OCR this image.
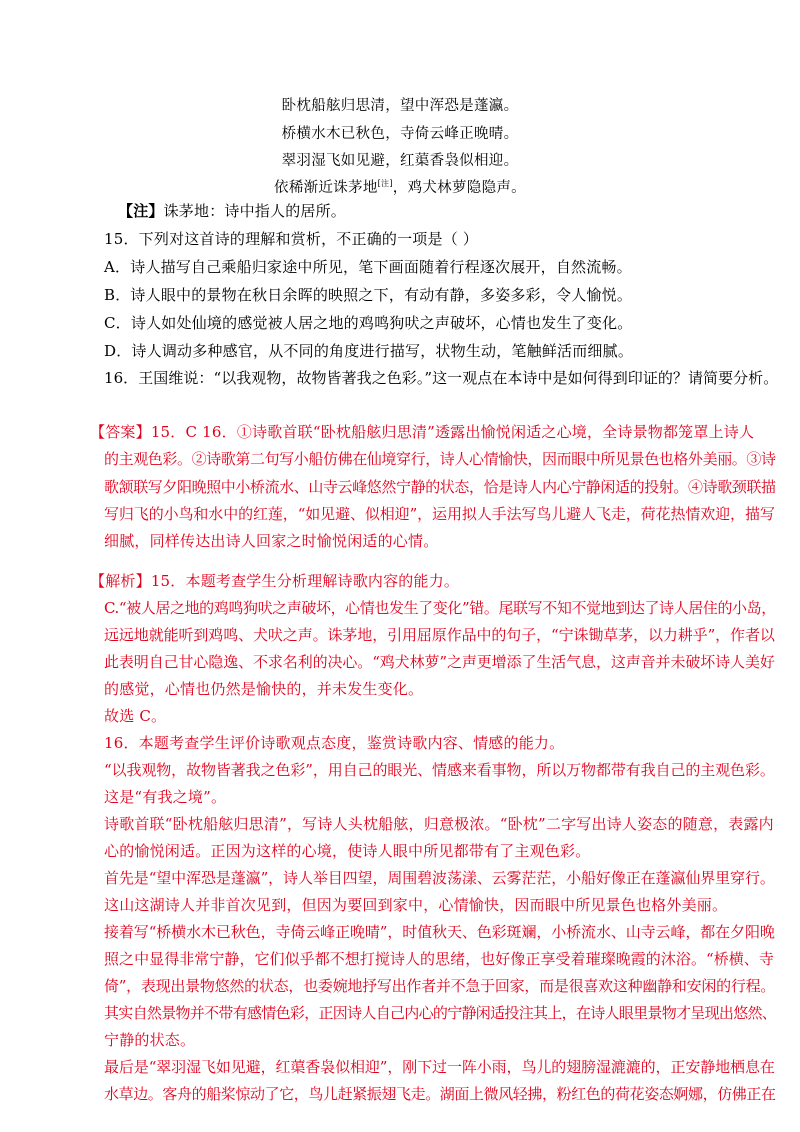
卧枕船舷归思清，望中浑恐是蓬瀛。
桥横水木已秋色，寺倚云峰正晚晴。
翠羽湿飞如见避，红蕖香袅似相迎。
依稀渐近诛茅地[注]，鸡犬林萝隐隐声。
【注】诛茅地：诗中指人的居所。
15．下列对这首诗的理解和赏析，不正确的一项是（ ）
A．诗人描写自己乘船归家途中所见，笔下画面随着行程逐次展开，自然流畅。
B．诗人眼中的景物在秋日余晖的映照之下，有动有静，多姿多彩，令人愉悦。
C．诗人如处仙境的感觉被人居之地的鸡鸣狗吠之声破坏，心情也发生了变化。
D．诗人调动多种感官，从不同的角度进行描写，状物生动，笔触鲜活而细腻。
16．王国维说：“以我观物，故物皆著我之色彩。”这一观点在本诗中是如何得到印证的？请简要分析。
【答案】15．C 16．①诗歌首联“卧枕船舷归思清”透露出愉悦闲适之心境，全诗景物都笼罩上诗人
的主观色彩。②诗歌第二句写小船仿佛在仙境穿行，诗人心情愉快，因而眼中所见景色也格外美丽。③诗
歌颔联写夕阳晚照中小桥流水、山寺云峰悠然宁静的状态，恰是诗人内心宁静闲适的投射。④诗歌颈联描
写归飞的小鸟和水中的红莲，“如见避、似相迎”，运用拟人手法写鸟儿避人飞走，荷花热情欢迎，描写
细腻，同样传达出诗人回家之时愉悦闲适的心情。
【解析】15．本题考查学生分析理解诗歌内容的能力。
C.“被人居之地的鸡鸣狗吠之声破坏，心情也发生了变化”错。尾联写不知不觉地到达了诗人居住的小岛，
远远地就能听到鸡鸣、犬吠之声。诛茅地，引用屈原作品中的句子，“宁诛锄草茅，以力耕乎”，作者以
此表明自己甘心隐逸、不求名利的决心。“鸡犬林萝”之声更增添了生活气息，这声音并未破坏诗人美好
的感觉，心情也仍然是愉快的，并未发生变化。
故选 C。
16．本题考查学生评价诗歌观点态度，鉴赏诗歌内容、情感的能力。
“以我观物，故物皆著我之色彩”，用自己的眼光、情感来看事物，所以万物都带有我自己的主观色彩。
这是“有我之境”。
诗歌首联“卧枕船舷归思清”，写诗人头枕船舷，归意极浓。“卧枕”二字写出诗人姿态的随意，表露内
心的愉悦闲适。正因为这样的心境，使诗人眼中所见都带有了主观色彩。
首先是“望中浑恐是蓬瀛”，诗人举目四望，周围碧波荡漾、云雾茫茫，小船好像正在蓬瀛仙界里穿行。
这山这湖诗人并非首次见到，但因为要回到家中，心情愉快，因而眼中所见景色也格外美丽。
接着写“桥横水木已秋色，寺倚云峰正晚晴”，时值秋天、色彩斑斓，小桥流水、山寺云峰，都在夕阳晚
照之中显得非常宁静，它们似乎都不想打搅诗人的思绪，也好像正享受着璀璨晚霞的沐浴。“桥横、寺
倚”，表现出景物悠然的状态，也委婉地抒写出作者并不急于回家，而是很喜欢这种幽静和安闲的行程。
其实自然景物并不带有感情色彩，正因诗人自己内心的宁静闲适投注其上，在诗人眼里景物才呈现出悠然、
宁静的状态。
最后是“翠羽湿飞如见避，红蕖香袅似相迎”，刚下过一阵小雨，鸟儿的翅膀湿漉漉的，正安静地栖息在
水草边。客舟的船桨惊动了它，鸟儿赶紧振翅飞走。湖面上微风轻拂，粉红色的荷花姿态婀娜，仿佛正在
